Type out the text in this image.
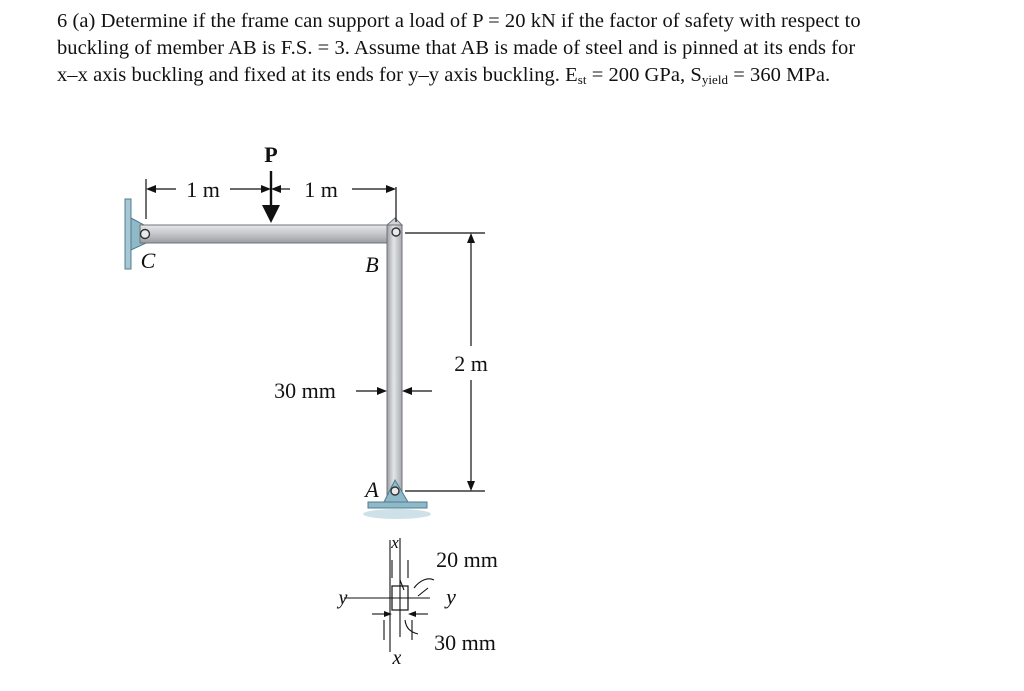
6 (a) Determine if the frame can support a load of P = 20 kN if the factor of safety with respect to
buckling of member AB is F.S. = 3. Assume that AB is made of steel and is pinned at its ends for
x–x axis buckling and fixed at its ends for y–y axis buckling. $E_{st} = 200$ GPa, $S_{yield} = 360$ MPa.
P
1 m	1 m
C	B
A
2 m
30 mm
20 mm
30 mm
x
x
y	y
